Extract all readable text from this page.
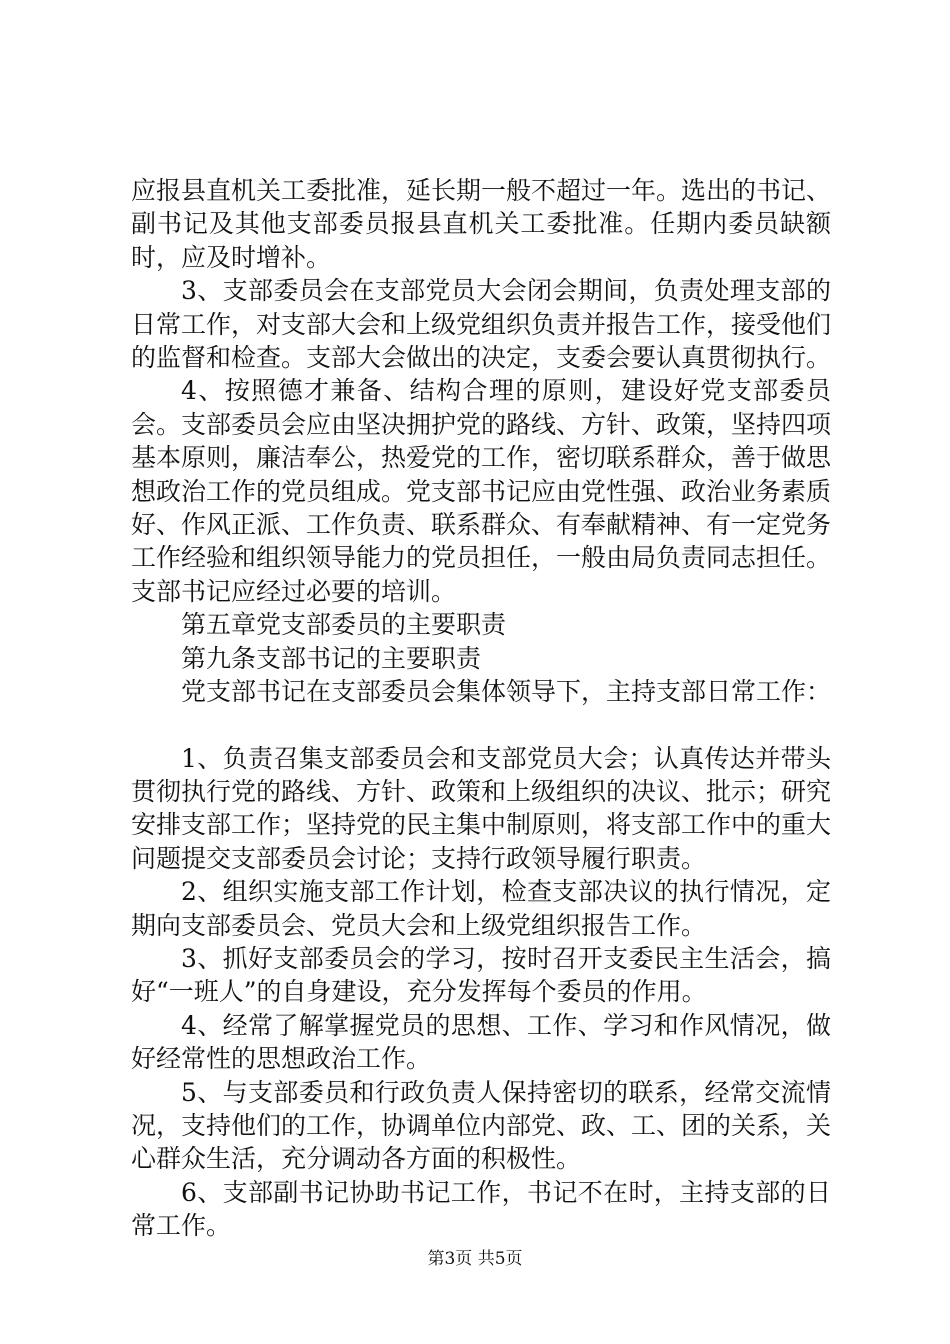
应报县直机关工委批准，延长期一般不超过一年。选出的书记、副书记及其他支部委员报县直机关工委批准。任期内委员缺额时，应及时增补。

3、支部委员会在支部党员大会闭会期间，负责处理支部的日常工作，对支部大会和上级党组织负责并报告工作，接受他们的监督和检查。支部大会做出的决定，支委会要认真贯彻执行。

4、按照德才兼备、结构合理的原则，建设好党支部委员会。支部委员会应由坚决拥护党的路线、方针、政策，坚持四项基本原则，廉洁奉公，热爱党的工作，密切联系群众，善于做思想政治工作的党员组成。党支部书记应由党性强、政治业务素质好、作风正派、工作负责、联系群众、有奉献精神、有一定党务工作经验和组织领导能力的党员担任，一般由局负责同志担任。支部书记应经过必要的培训。

第五章党支部委员的主要职责

第九条支部书记的主要职责

党支部书记在支部委员会集体领导下，主持支部日常工作：

1、负责召集支部委员会和支部党员大会；认真传达并带头贯彻执行党的路线、方针、政策和上级组织的决议、批示；研究安排支部工作；坚持党的民主集中制原则，将支部工作中的重大问题提交支部委员会讨论；支持行政领导履行职责。

2、组织实施支部工作计划，检查支部决议的执行情况，定期向支部委员会、党员大会和上级党组织报告工作。

3、抓好支部委员会的学习，按时召开支委民主生活会，搞好“一班人”的自身建设，充分发挥每个委员的作用。

4、经常了解掌握党员的思想、工作、学习和作风情况，做好经常性的思想政治工作。

5、与支部委员和行政负责人保持密切的联系，经常交流情况，支持他们的工作，协调单位内部党、政、工、团的关系，关心群众生活，充分调动各方面的积极性。

6、支部副书记协助书记工作，书记不在时，主持支部的日常工作。

第3页 共5页
